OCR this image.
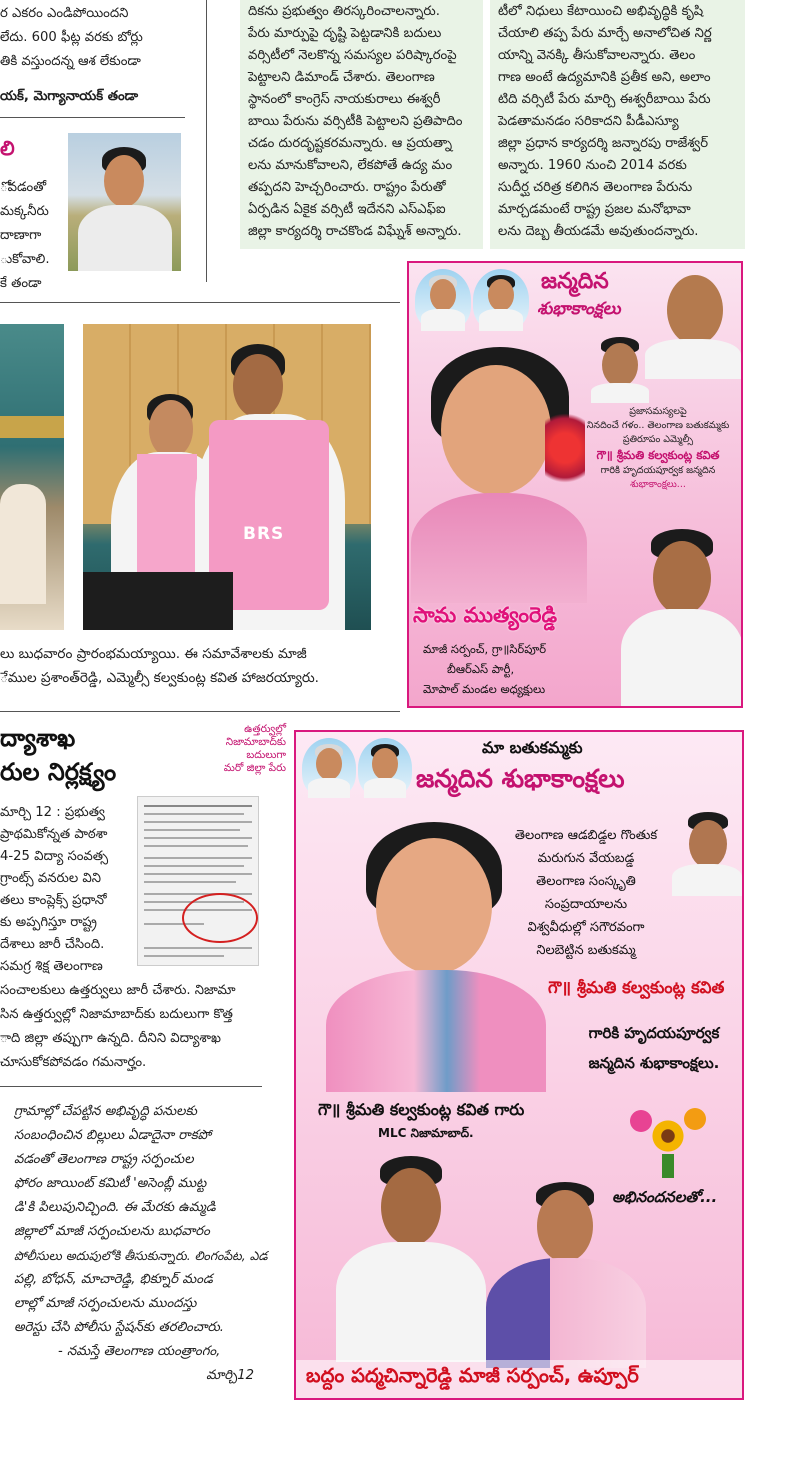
ర ఎకరం ఎండిపోయిందని
లేదు. 600 ఫీట్ల వరకు బోర్లు
తికి వస్తుందన్న ఆశ లేకుండా
యక్, మెగ్యానాయక్ తండా
లి
ోవడంతో
మక్కనీరు
దాణాగా
ుకోవాలి.
కే తండా
దికను ప్రభుత్వం తిరస్కరించాలన్నారు.
పేరు మార్పుపై దృష్టి పెట్టడానికి బదులు
వర్సిటీలో నెలకొన్న సమస్యల పరిష్కారంపై
పెట్టాలని డిమాండ్ చేశారు. తెలంగాణ
స్థానంలో కాంగ్రెస్ నాయకురాలు ఈశ్వరీ
బాయి పేరును వర్సిటీకి పెట్టాలని ప్రతిపాదిం
చడం దురదృష్టకరమన్నారు. ఆ ప్రయత్నా
లను మానుకోవాలని, లేకపోతే ఉద్య మం
తప్పదని హెచ్చరించారు. రాష్ట్రం పేరుతో
ఏర్పడిన ఏకైక వర్సిటీ ఇదేనని ఎస్ఎఫ్ఐ
జిల్లా కార్యదర్శి రాచకొండ విఘ్నేశ్ అన్నారు.
టీలో నిధులు కేటాయించి అభివృద్ధికి కృషి
చేయాలి తప్ప పేరు మార్చే అనాలోచిత నిర్ణ
యాన్ని వెనక్కి తీసుకోవాలన్నారు. తెలం
గాణ అంటే ఉద్యమానికి ప్రతీక అని, అలాం
టిది వర్సిటీ పేరు మార్చి ఈశ్వరీబాయి పేరు
పెడతామనడం సరికాదని పీడీఎస్యూ
జిల్లా ప్రధాన కార్యదర్శి జన్నారపు రాజేశ్వర్
అన్నారు. 1960 నుంచి 2014 వరకు
సుదీర్ఘ చరిత్ర కలిగిన తెలంగాణ పేరును
మార్చడమంటే రాష్ట్ర ప్రజల మనోభావా
లను దెబ్బ తీయడమే అవుతుందన్నారు.
BRS
లు బుధవారం ప్రారంభమయ్యాయి. ఈ సమావేశాలకు మాజీ
ేముల ప్రశాంత్‌రెడ్డి, ఎమ్మెల్సీ కల్వకుంట్ల కవిత హాజరయ్యారు.
ద్యాశాఖ
రుల నిర్లక్ష్యం
ఉత్తర్వుల్లో
నిజామాబాద్‌కు
బదులుగా
మరో జిల్లా పేరు
మార్చి 12 : ప్రభుత్వ
ప్రాథమికోన్నత పాఠశా
4-25 విద్యా సంవత్స
గ్రాంట్స్ వనరుల విని
తలు కాంప్లెక్స్ ప్రధానో
కు అప్పగిస్తూ రాష్ట్ర
దేశాలు జారీ చేసింది.
సమగ్ర శిక్ష తెలంగాణ
సంచాలకులు ఉత్తర్వులు జారీ చేశారు. నిజామా
సిన ఉత్తర్వుల్లో నిజామాబాద్‌కు బదులుగా కొత్త
ాది జిల్లా తప్పుగా ఉన్నది. దీనిని విద్యాశాఖ
చూసుకోకపోవడం గమనార్హం.
గ్రామాల్లో చేపట్టిన అభివృద్ధి పనులకు
సంబంధించిన బిల్లులు ఏడాదైనా రాకపో
వడంతో తెలంగాణ రాష్ట్ర సర్పంచుల
ఫోరం జాయింట్ కమిటీ 'అసెంబ్లీ ముట్ట
డి'కి పిలుపునిచ్చింది. ఈ మేరకు ఉమ్మడి
జిల్లాలో మాజీ సర్పంచులను బుధవారం
పోలీసులు అదుపులోకి తీసుకున్నారు. లింగంపేట, ఎడ
పల్లి, బోధన్, మాచారెడ్డి, భిక్నూర్ మండ
లాల్లో మాజీ సర్పంచులను ముందస్తు
అరెస్టు చేసి పోలీసు స్టేషన్‌కు తరలించారు.
- నమస్తే తెలంగాణ యంత్రాంగం,
మార్చి12
జన్మదిన
శుభాకాంక్షలు
ప్రజాసమస్యలపై
నినదించే గళం.. తెలంగాణ బతుకమ్మకు
ప్రతిరూపం ఎమ్మెల్సీ
గౌ॥ శ్రీమతి కల్వకుంట్ల కవిత
గారికి హృదయపూర్వక జన్మదిన
శుభాకాంక్షలు...
సామ ముత్యంరెడ్డి
మాజీ సర్పంచ్, గ్రా॥సిర్‌పూర్
బీఆర్ఎస్ పార్టీ,
మోపాల్ మండల అధ్యక్షులు
మా బతుకమ్మకు
జన్మదిన శుభాకాంక్షలు
తెలంగాణ ఆడబిడ్డల గొంతుక
మరుగున వేయబడ్డ
తెలంగాణ సంస్కృతి
సంప్రదాయాలను
విశ్వవీధుల్లో సగౌరవంగా
నిలబెట్టిన బతుకమ్మ
గౌ॥ శ్రీమతి కల్వకుంట్ల కవిత
గారికి హృదయపూర్వక
జన్మదిన శుభాకాంక్షలు.
గౌ॥ శ్రీమతి కల్వకుంట్ల కవిత గారు
MLC నిజామాబాద్.
అభినందనలతో...
బద్దం పద్మచిన్నారెడ్డి మాజీ సర్పంచ్, ఉప్పూర్
